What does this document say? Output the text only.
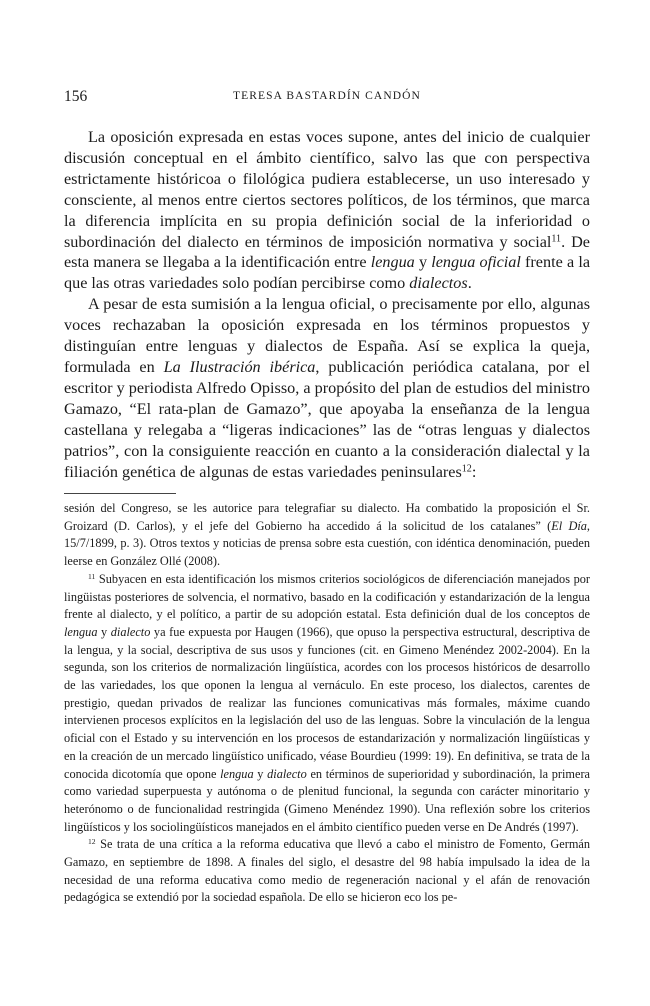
156	TERESA BASTARDÍN CANDÓN

La oposición expresada en estas voces supone, antes del inicio de cualquier discusión conceptual en el ámbito científico, salvo las que con perspectiva estrictamente históricoa o filológica pudiera establecerse, un uso interesado y consciente, al menos entre ciertos sectores políticos, de los términos, que marca la diferencia implícita en su propia definición social de la inferioridad o subordinación del dialecto en términos de imposición normativa y social$^{11}$. De esta manera se llegaba a la identificación entre lengua y lengua oficial frente a la que las otras variedades solo podían percibirse como dialectos.

A pesar de esta sumisión a la lengua oficial, o precisamente por ello, algunas voces rechazaban la oposición expresada en los términos propuestos y distinguían entre lenguas y dialectos de España. Así se explica la queja, formulada en La Ilustración ibérica, publicación periódica catalana, por el escritor y periodista Alfredo Opisso, a propósito del plan de estudios del ministro Gamazo, “El rata-plan de Gamazo”, que apoyaba la enseñanza de la lengua castellana y relegaba a “ligeras indicaciones” las de “otras lenguas y dialectos patrios”, con la consiguiente reacción en cuanto a la consideración dialectal y la filiación genética de algunas de estas variedades peninsulares$^{12}$:

sesión del Congreso, se les autorice para telegrafiar su dialecto. Ha combatido la proposición el Sr. Groizard (D. Carlos), y el jefe del Gobierno ha accedido á la solicitud de los catalanes” (El Día, 15/7/1899, p. 3). Otros textos y noticias de prensa sobre esta cuestión, con idéntica denominación, pueden leerse en González Ollé (2008).

$^{11}$ Subyacen en esta identificación los mismos criterios sociológicos de diferenciación manejados por lingüistas posteriores de solvencia, el normativo, basado en la codificación y estandarización de la lengua frente al dialecto, y el político, a partir de su adopción estatal. Esta definición dual de los conceptos de lengua y dialecto ya fue expuesta por Haugen (1966), que opuso la perspectiva estructural, descriptiva de la lengua, y la social, descriptiva de sus usos y funciones (cit. en Gimeno Menéndez 2002-2004). En la segunda, son los criterios de normalización lingüística, acordes con los procesos históricos de desarrollo de las variedades, los que oponen la lengua al vernáculo. En este proceso, los dialectos, carentes de prestigio, quedan privados de realizar las funciones comunicativas más formales, máxime cuando intervienen procesos explícitos en la legislación del uso de las lenguas. Sobre la vinculación de la lengua oficial con el Estado y su intervención en los procesos de estandarización y normalización lingüísticas y en la creación de un mercado lingüístico unificado, véase Bourdieu (1999: 19). En definitiva, se trata de la conocida dicotomía que opone lengua y dialecto en términos de superioridad y subordinación, la primera como variedad superpuesta y autónoma o de plenitud funcional, la segunda con carácter minoritario y heterónomo o de funcionalidad restringida (Gimeno Menéndez 1990). Una reflexión sobre los criterios lingüísticos y los sociolingüísticos manejados en el ámbito científico pueden verse en De Andrés (1997).

$^{12}$ Se trata de una crítica a la reforma educativa que llevó a cabo el ministro de Fomento, Germán Gamazo, en septiembre de 1898. A finales del siglo, el desastre del 98 había impulsado la idea de la necesidad de una reforma educativa como medio de regeneración nacional y el afán de renovación pedagógica se extendió por la sociedad española. De ello se hicieron eco los pe-
